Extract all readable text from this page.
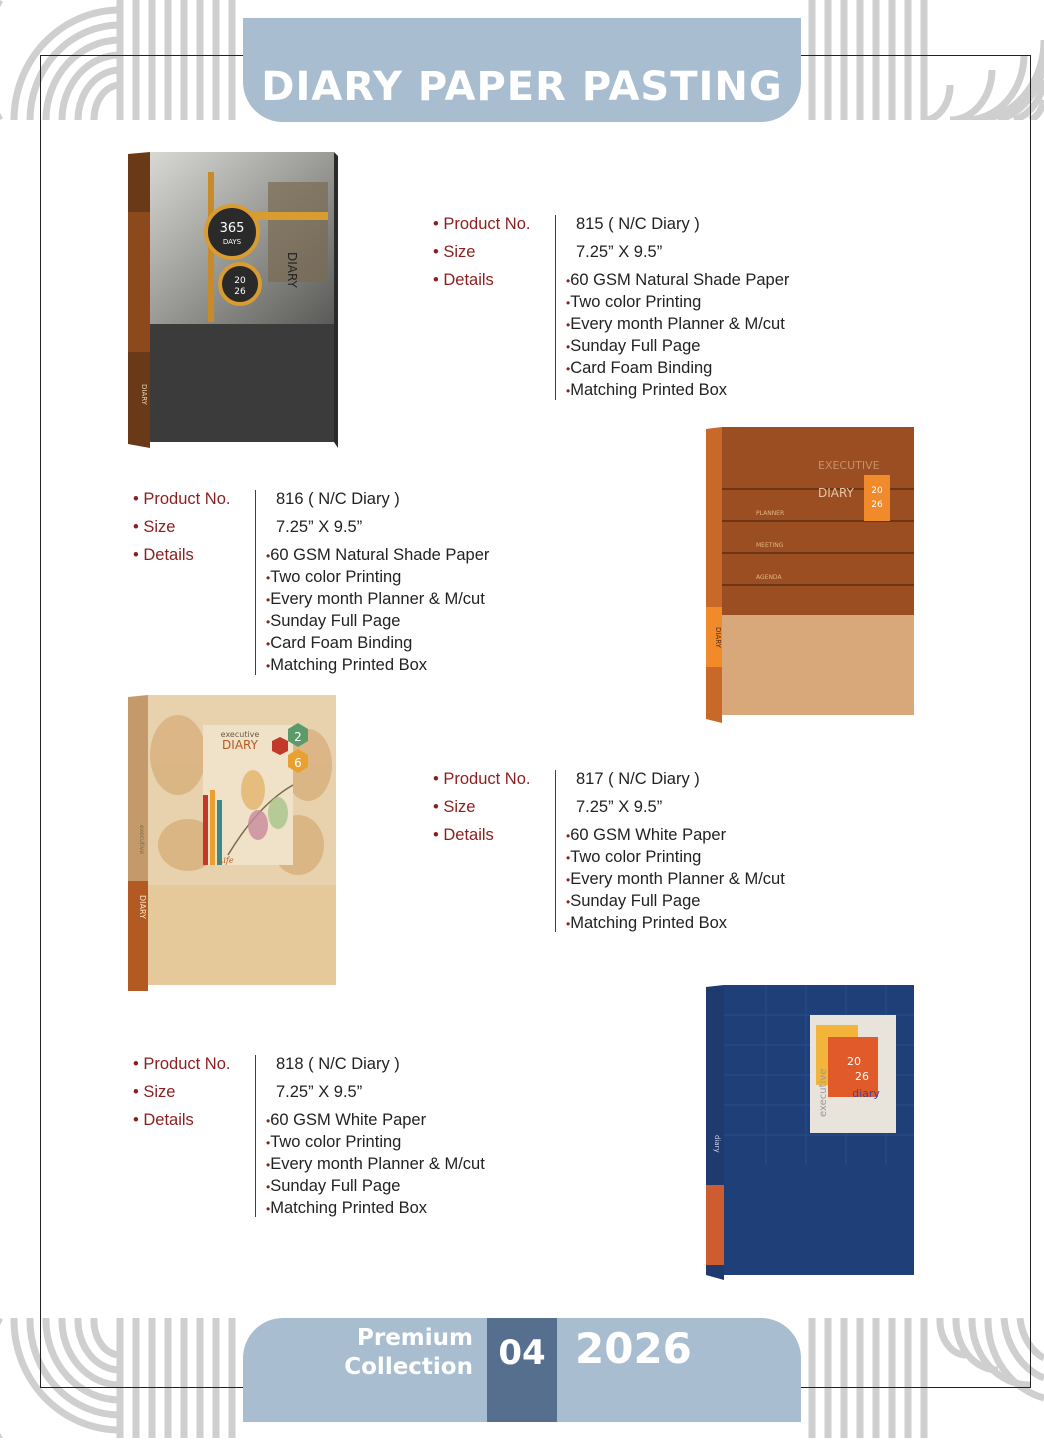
DIARY PAPER PASTING
365
DAYS
20
26
DIARY
DIARY
• Product No.	815 ( N/C Diary )
• Size	7.25” X 9.5”
• Details	• 60 GSM Natural Shade Paper
• Two color Printing
• Every month Planner & M/cut
• Sunday Full Page
• Card Foam Binding
• Matching Printed Box
• Product No.	816 ( N/C Diary )
• Size	7.25” X 9.5”
• Details	• 60 GSM Natural Shade Paper
• Two color Printing
• Every month Planner & M/cut
• Sunday Full Page
• Card Foam Binding
• Matching Printed Box
EXECUTIVE
DIARY 20
26
PLANNER
MEETING
AGENDA
DIARY
executive
DIARY
2
6
Life
DIARY
executive
• Product No.	817 ( N/C Diary )
• Size	7.25” X 9.5”
• Details	• 60 GSM White Paper
• Two color Printing
• Every month Planner & M/cut
• Sunday Full Page
• Matching Printed Box
• Product No.	818 ( N/C Diary )
• Size	7.25” X 9.5”
• Details	• 60 GSM White Paper
• Two color Printing
• Every month Planner & M/cut
• Sunday Full Page
• Matching Printed Box
20
26
diary
executive
diary
Premium
Collection 04 2026
